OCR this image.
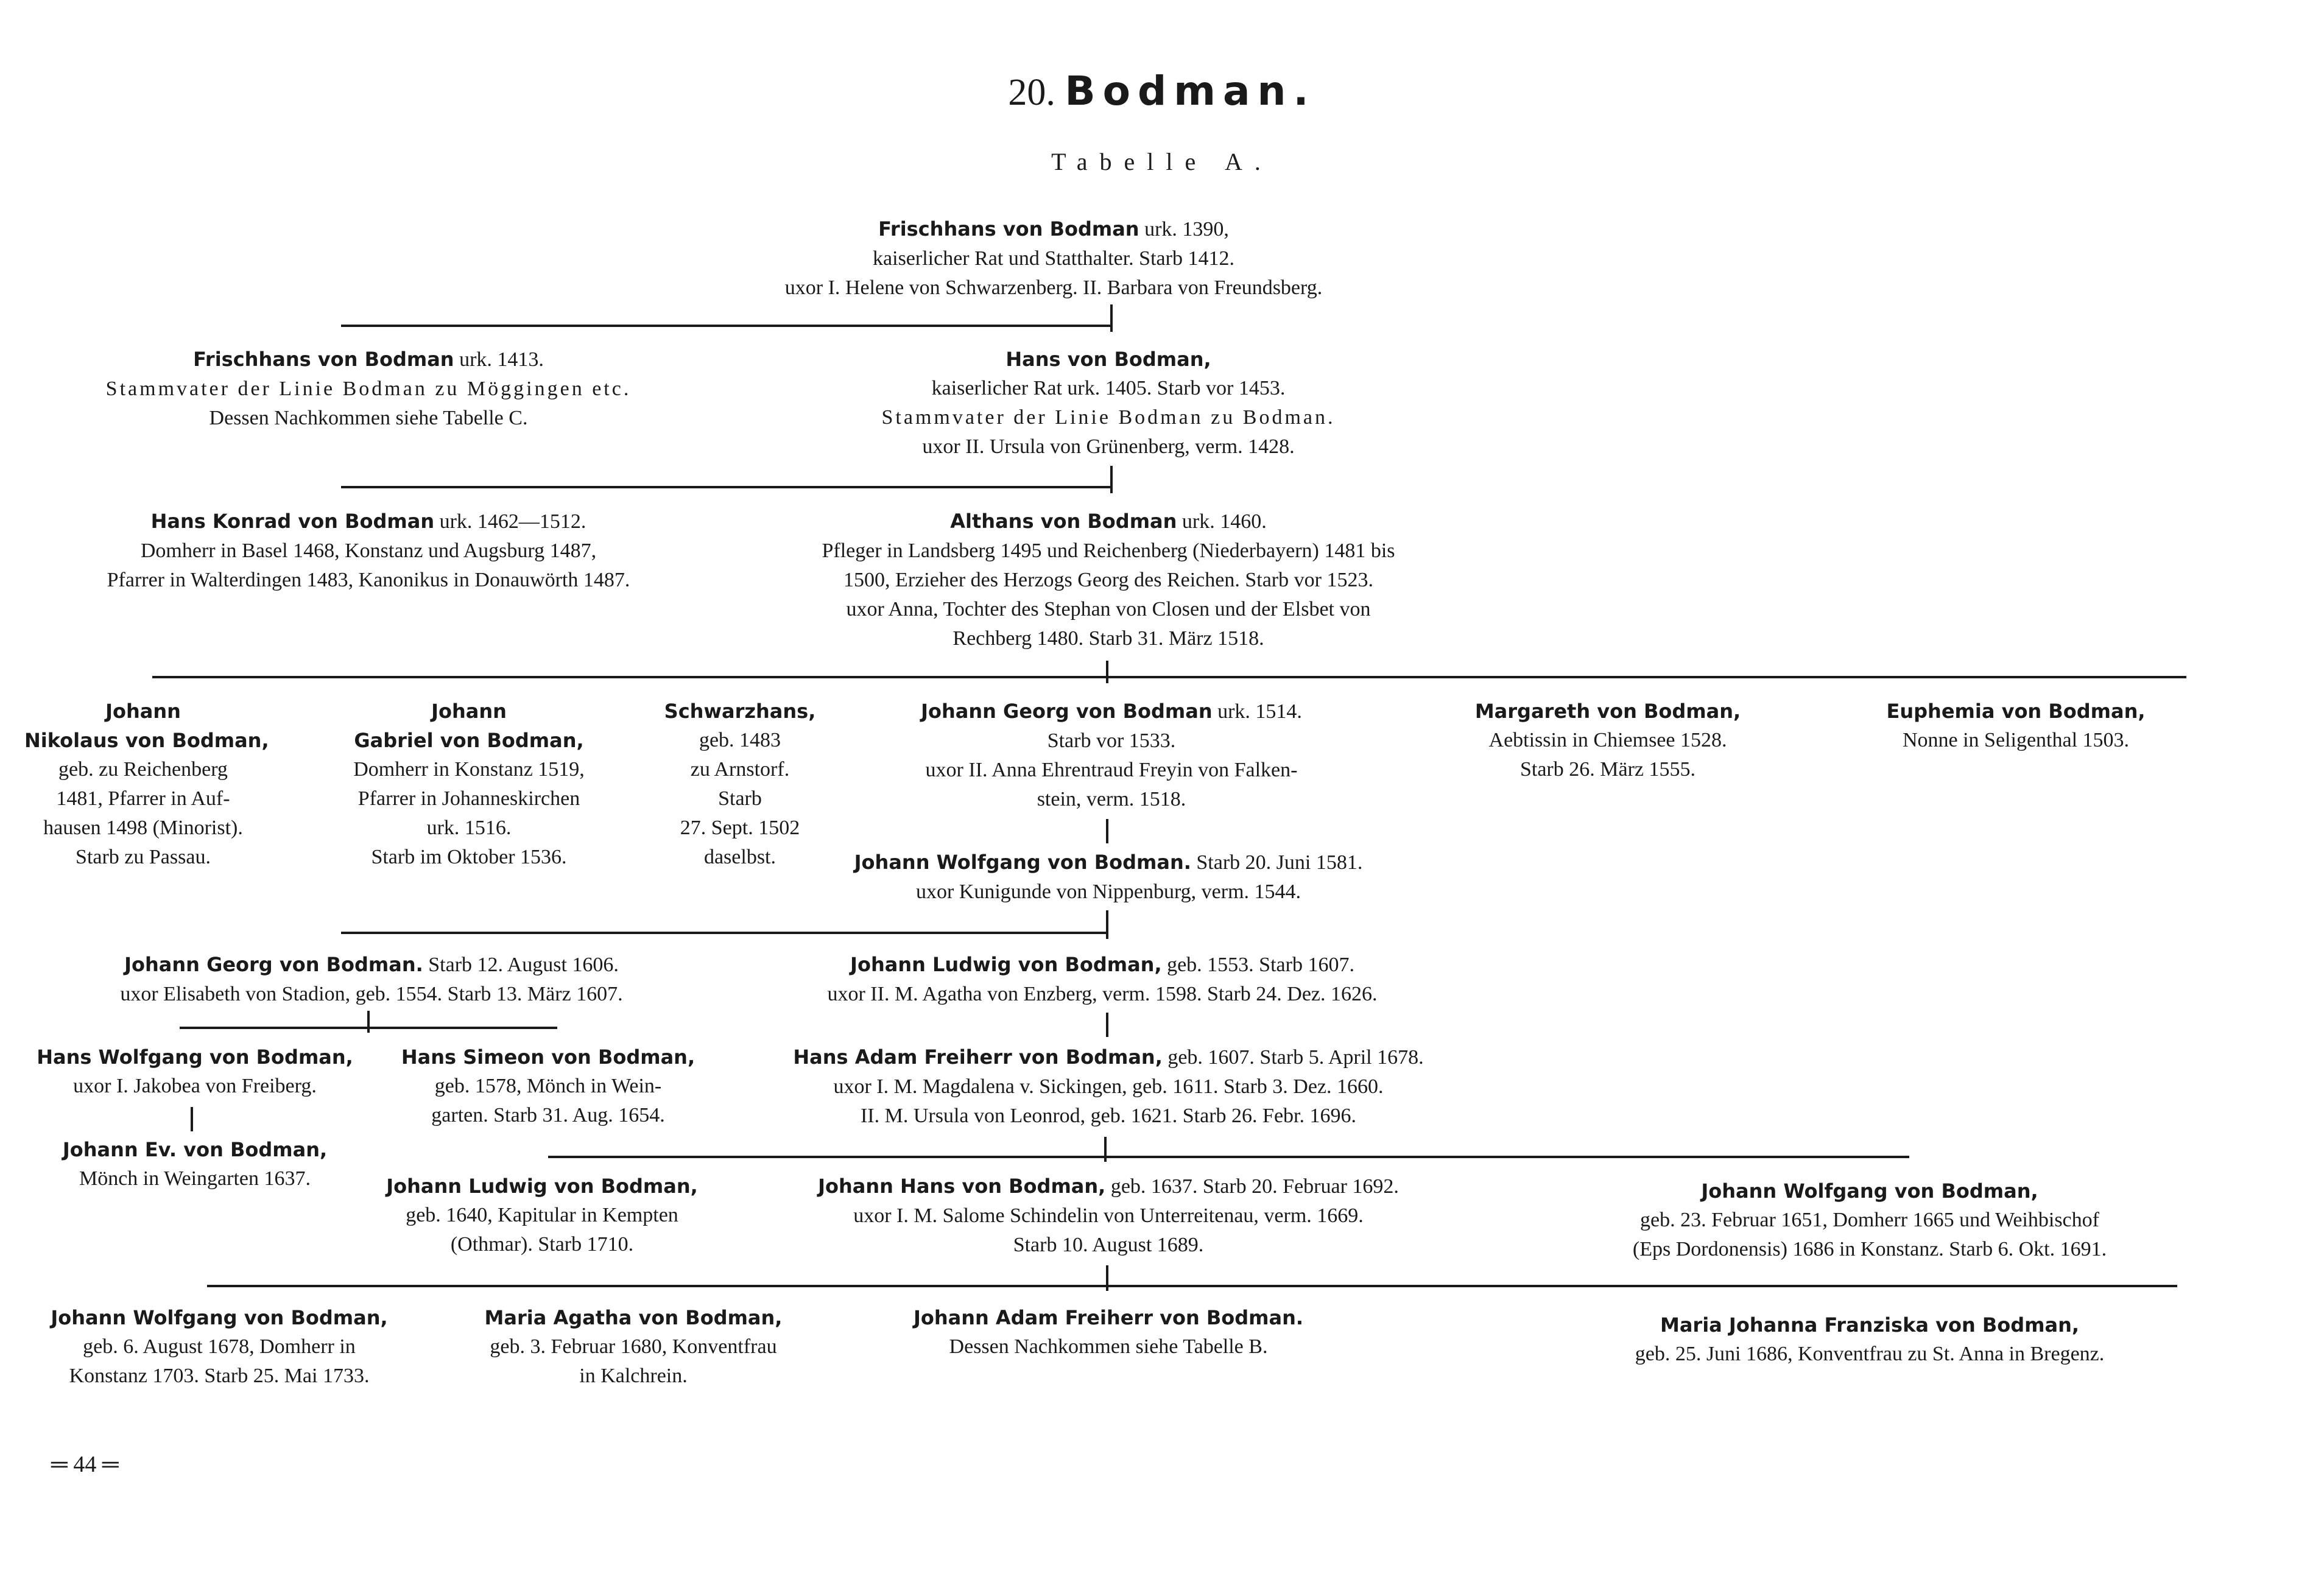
20. Bodman.
Tabelle A.
Frischhans von Bodman urk. 1390,
kaiserlicher Rat und Statthalter. Starb 1412.
uxor I. Helene von Schwarzenberg. II. Barbara von Freundsberg.
Frischhans von Bodman urk. 1413.
Stammvater der Linie Bodman zu Möggingen etc.
Dessen Nachkommen siehe Tabelle C.
Hans von Bodman,
kaiserlicher Rat urk. 1405. Starb vor 1453.
Stammvater der Linie Bodman zu Bodman.
uxor II. Ursula von Grünenberg, verm. 1428.
Hans Konrad von Bodman urk. 1462—1512.
Domherr in Basel 1468, Konstanz und Augsburg 1487,
Pfarrer in Walterdingen 1483, Kanonikus in Donauwörth 1487.
Althans von Bodman urk. 1460.
Pfleger in Landsberg 1495 und Reichenberg (Niederbayern) 1481 bis
1500, Erzieher des Herzogs Georg des Reichen. Starb vor 1523.
uxor Anna, Tochter des Stephan von Closen und der Elsbet von
Rechberg 1480. Starb 31. März 1518.
Johann
Nikolaus von Bodman,
geb. zu Reichenberg
1481, Pfarrer in Auf-
hausen 1498 (Minorist).
Starb zu Passau.
Johann
Gabriel von Bodman,
Domherr in Konstanz 1519,
Pfarrer in Johanneskirchen
urk. 1516.
Starb im Oktober 1536.
Schwarzhans,
geb. 1483
zu Arnstorf.
Starb
27. Sept. 1502
daselbst.
Johann Georg von Bodman urk. 1514.
Starb vor 1533.
uxor II. Anna Ehrentraud Freyin von Falken-
stein, verm. 1518.
Margareth von Bodman,
Aebtissin in Chiemsee 1528.
Starb 26. März 1555.
Euphemia von Bodman,
Nonne in Seligenthal 1503.
Johann Wolfgang von Bodman. Starb 20. Juni 1581.
uxor Kunigunde von Nippenburg, verm. 1544.
Johann Georg von Bodman. Starb 12. August 1606.
uxor Elisabeth von Stadion, geb. 1554. Starb 13. März 1607.
Johann Ludwig von Bodman, geb. 1553. Starb 1607.
uxor II. M. Agatha von Enzberg, verm. 1598. Starb 24. Dez. 1626.
Hans Wolfgang von Bodman,
uxor I. Jakobea von Freiberg.
Johann Ev. von Bodman,
Mönch in Weingarten 1637.
Hans Simeon von Bodman,
geb. 1578, Mönch in Wein-
garten. Starb 31. Aug. 1654.
Hans Adam Freiherr von Bodman, geb. 1607. Starb 5. April 1678.
uxor I. M. Magdalena v. Sickingen, geb. 1611. Starb 3. Dez. 1660.
II. M. Ursula von Leonrod, geb. 1621. Starb 26. Febr. 1696.
Johann Ludwig von Bodman,
geb. 1640, Kapitular in Kempten
(Othmar). Starb 1710.
Johann Hans von Bodman, geb. 1637. Starb 20. Februar 1692.
uxor I. M. Salome Schindelin von Unterreitenau, verm. 1669.
Starb 10. August 1689.
Johann Wolfgang von Bodman,
geb. 23. Februar 1651, Domherr 1665 und Weihbischof
(Eps Dordonensis) 1686 in Konstanz. Starb 6. Okt. 1691.
Johann Wolfgang von Bodman,
geb. 6. August 1678, Domherr in
Konstanz 1703. Starb 25. Mai 1733.
Maria Agatha von Bodman,
geb. 3. Februar 1680, Konventfrau
in Kalchrein.
Johann Adam Freiherr von Bodman.
Dessen Nachkommen siehe Tabelle B.
Maria Johanna Franziska von Bodman,
geb. 25. Juni 1686, Konventfrau zu St. Anna in Bregenz.
═ 44 ═
